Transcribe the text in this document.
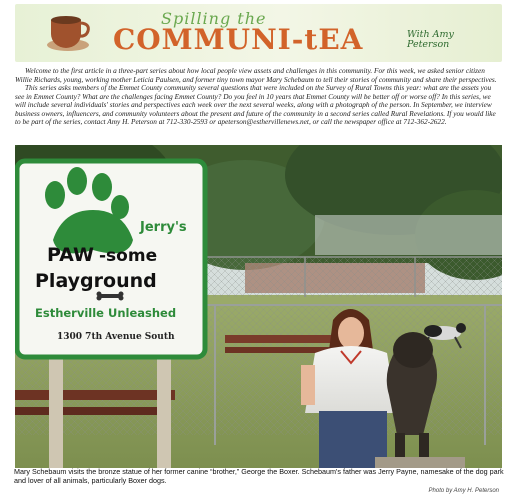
Spilling the
COMMUNI-tEA	With Amy Peterson

Welcome to the first article in a three-part series about how local people view assets and challenges in this community. For this week, we asked senior citizen Willie Richards, young, working mother Leticia Paulsen, and former tiny town mayor Mary Schebaum to tell their stories of community and share their perspectives.

This series asks members of the Emmet County community several questions that were included on the Survey of Rural Towns this year: what are the assets you see in Emmet County? What are the challenges facing Emmet County? Do you feel in 10 years that Emmet County will be better off or worse off? In this series, we will include several individuals' stories and perspectives each week over the next several weeks, along with a photograph of the person. In September, we interview business owners, influencers, and community volunteers about the present and future of the community in a second series called Rural Revelations. If you would like to be part of the series, contact Amy H. Peterson at 712-330-2593 or apeterson@esthervillenews.net, or call the newspaper office at 712-362-2622.

Jerry's
PAW -some
Playground
Estherville Unleashed
1300 7th Avenue South
Mary Schebaum visits the bronze statue of her former canine “brother,” George the Boxer. Schebaum's father was Jerry Payne, namesake of the dog park and lover of all animals, particularly Boxer dogs.
Photo by Amy H. Peterson
